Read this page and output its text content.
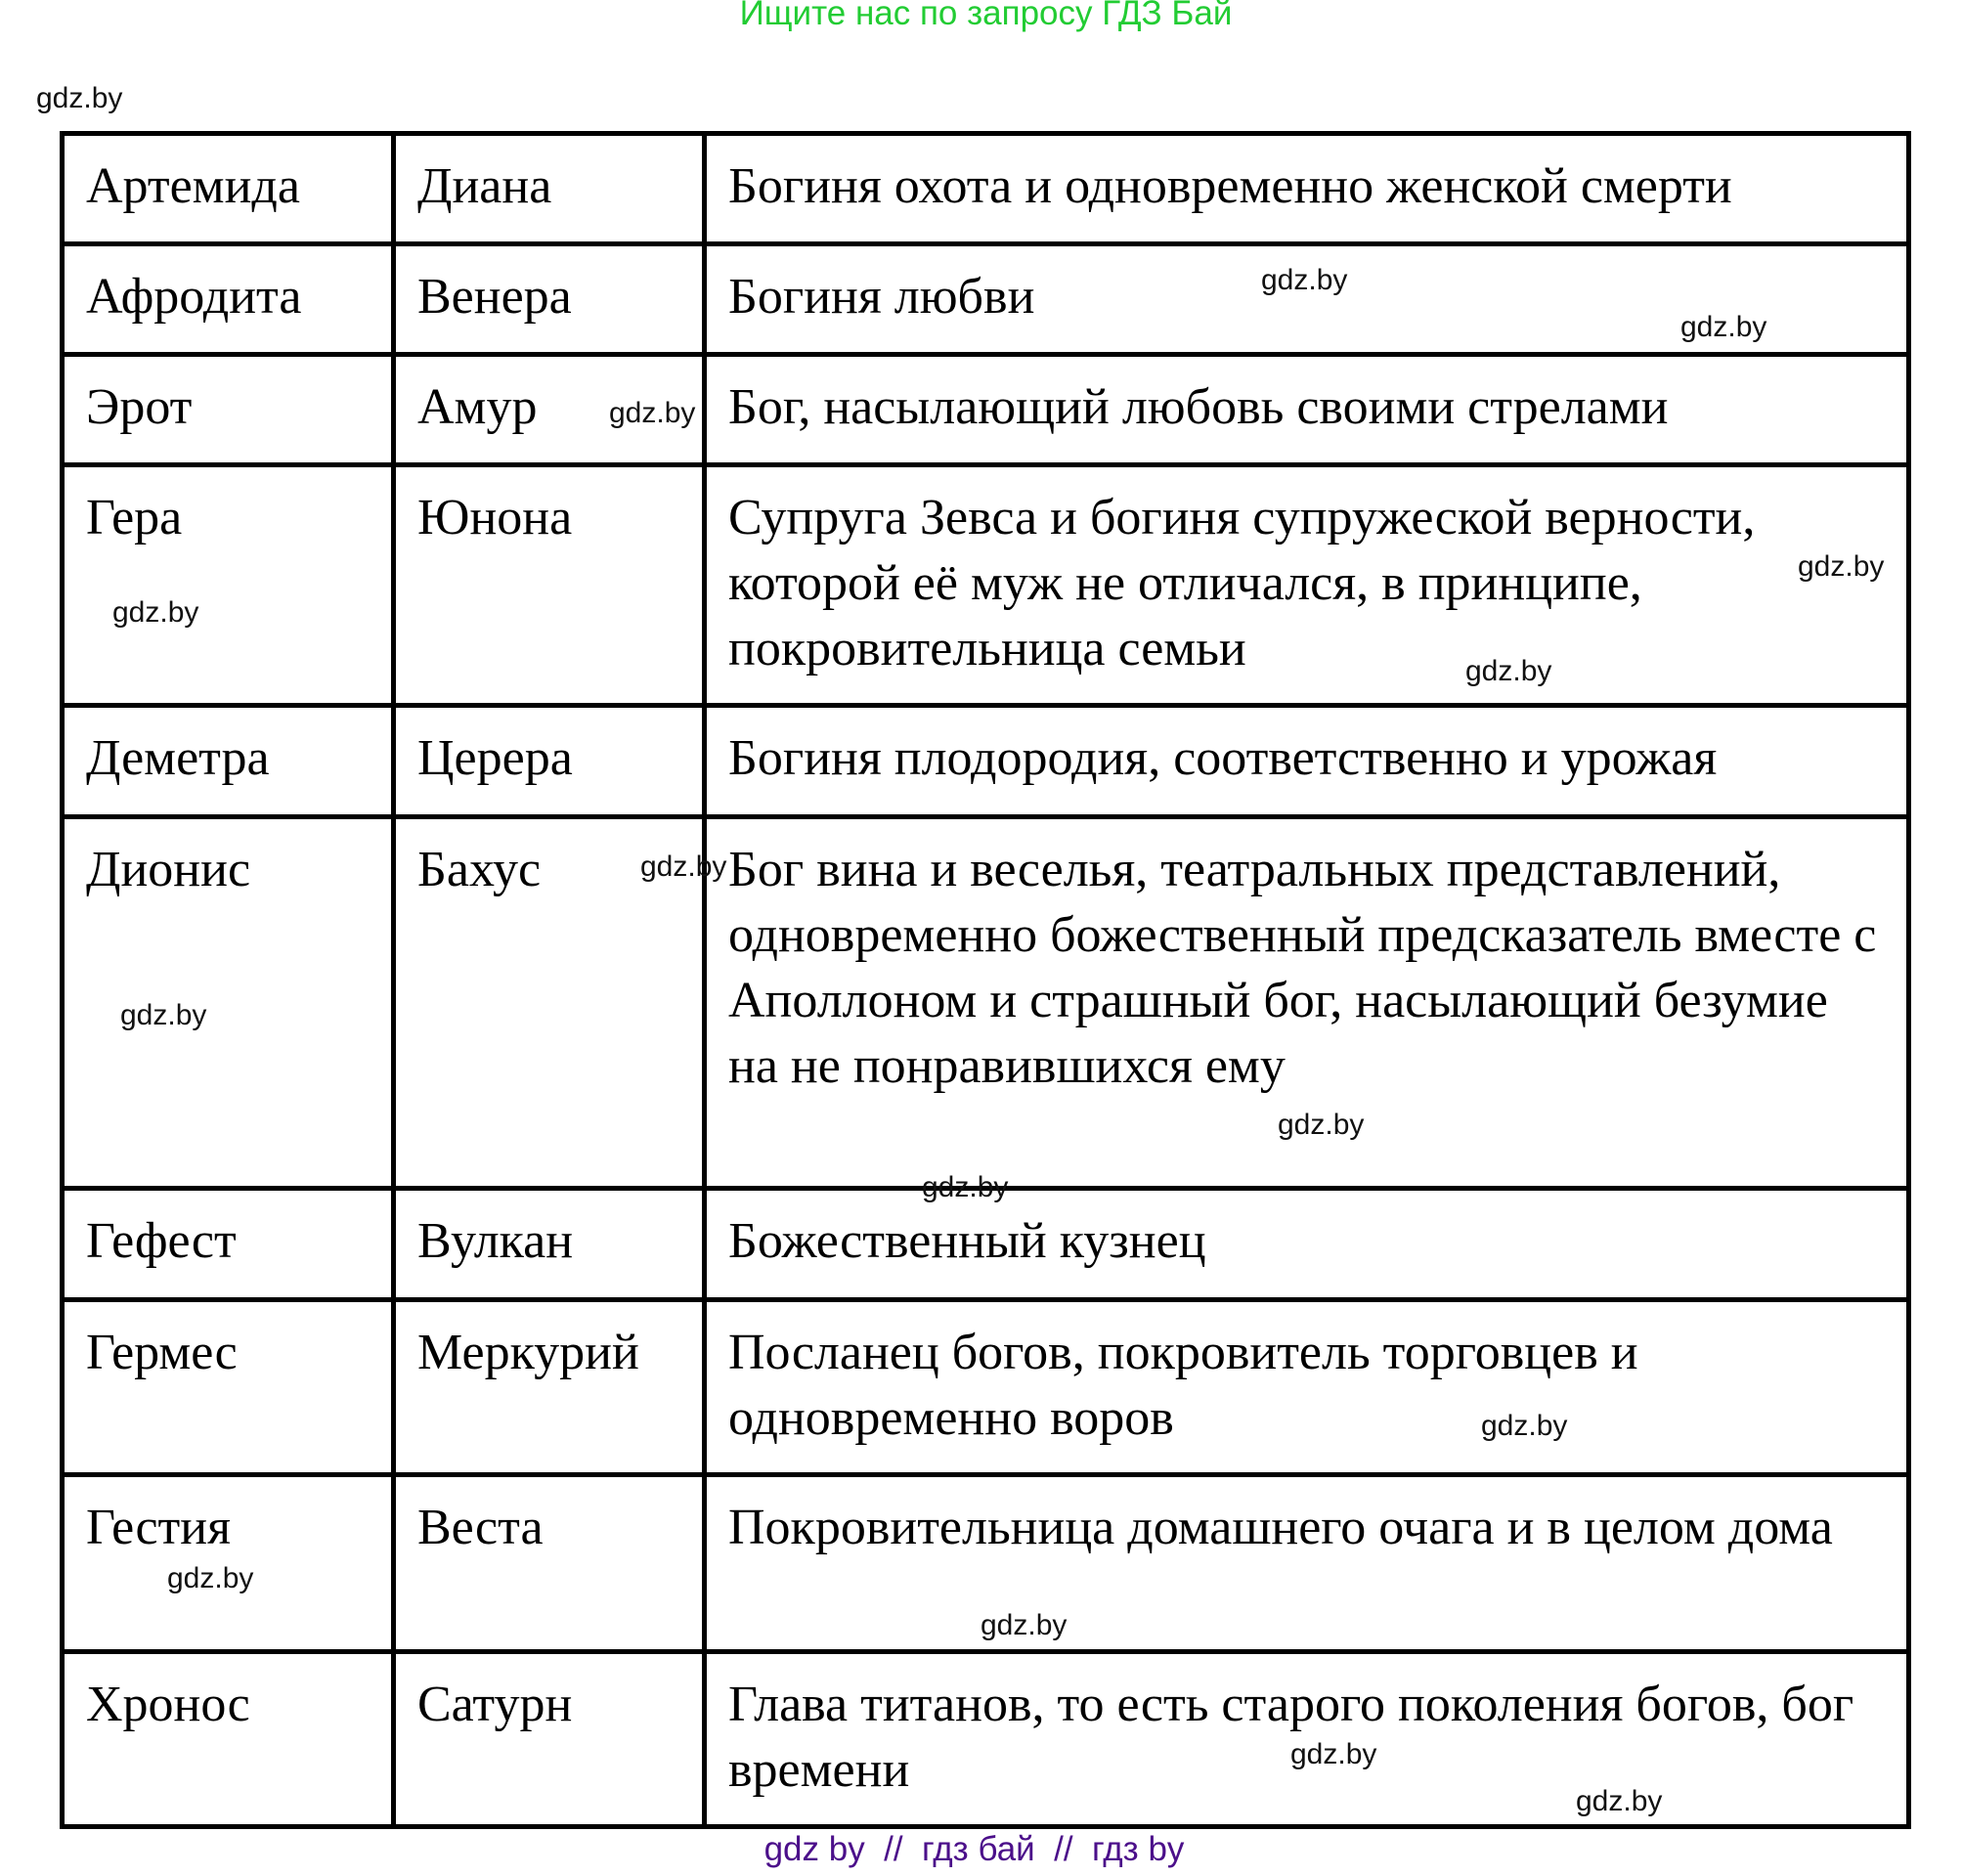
Ищите нас по запросу ГДЗ Бай
Артемида	Диана	Богиня охота и одновременно женской смерти
Афродита	Венера	Богиня любви
Эрот	Амур	Бог, насылающий любовь своими стрелами
Гера	Юнона	Супруга Зевса и богиня супружеской верности, которой её муж не отличался, в принципе, покровительница семьи
Деметра	Церера	Богиня плодородия, соответственно и урожая
Дионис	Бахус	Бог вина и веселья, театральных представлений, одновременно божественный предсказатель вместе с Аполлоном и страшный бог, насылающий безумие на не понравившихся ему
Гефест	Вулкан	Божественный кузнец
Гермес	Меркурий	Посланец богов, покровитель торговцев и одновременно воров
Гестия	Веста	Покровительница домашнего очага и в целом дома
Хронос	Сатурн	Глава титанов, то есть старого поколения богов, бог времени
gdz.by
gdz.by
gdz.by
gdz.by
gdz.by
gdz.by
gdz.by
gdz.by
gdz.by
gdz.by
gdz.by
gdz.by
gdz.by
gdz.by
gdz.by
gdz.by
gdz by  //  гдз бай  //  гдз by
